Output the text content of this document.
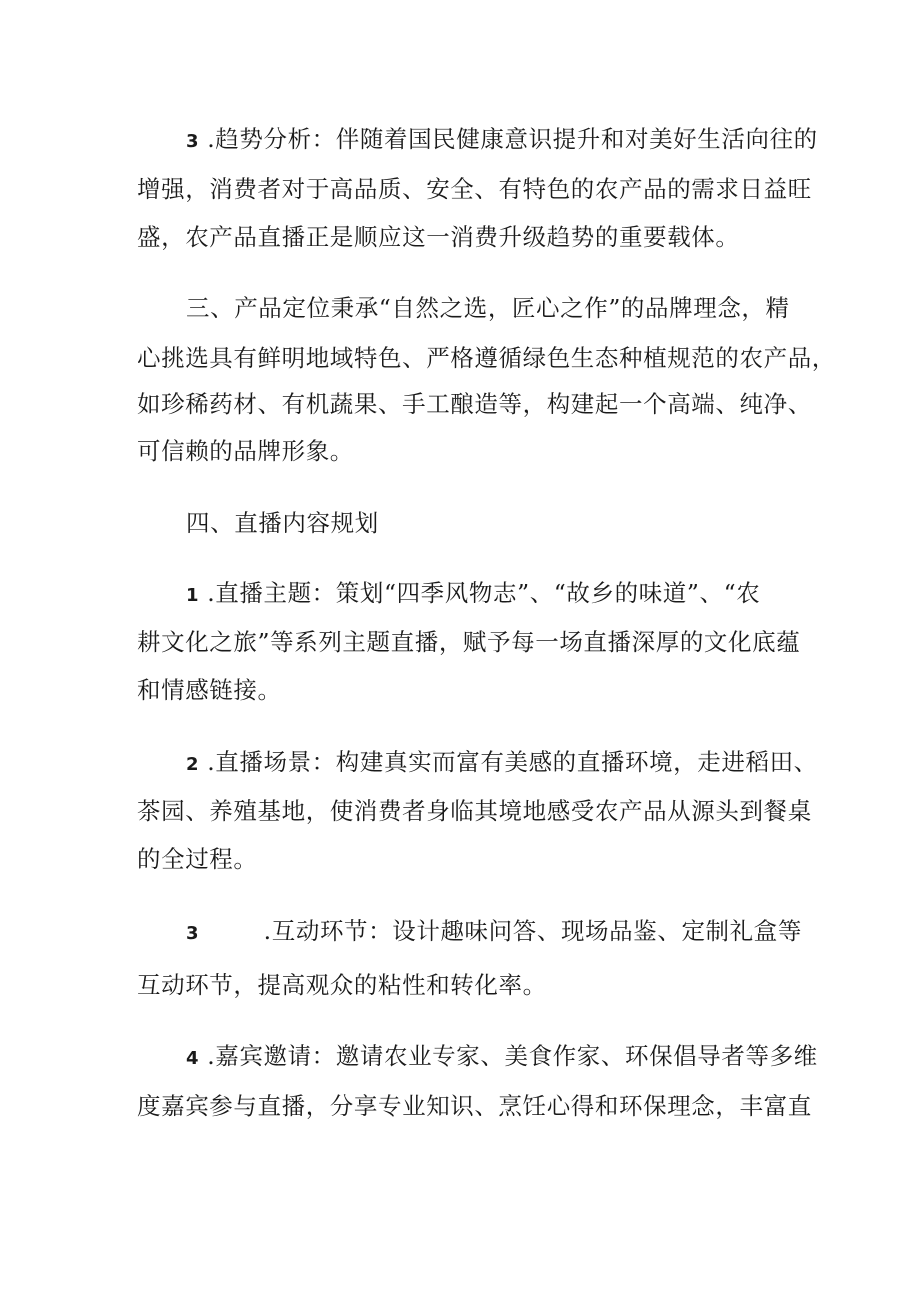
3 .趋势分析：伴随着国民健康意识提升和对美好生活向往的
增强，消费者对于高品质、安全、有特色的农产品的需求日益旺
盛，农产品直播正是顺应这一消费升级趋势的重要载体。
三、产品定位秉承“自然之选，匠心之作”的品牌理念，精
心挑选具有鲜明地域特色、严格遵循绿色生态种植规范的农产品，
如珍稀药材、有机蔬果、手工酿造等，构建起一个高端、纯净、
可信赖的品牌形象。
四、直播内容规划
1 .直播主题：策划“四季风物志”、“故乡的味道”、“农
耕文化之旅”等系列主题直播，赋予每一场直播深厚的文化底蕴
和情感链接。
2 .直播场景：构建真实而富有美感的直播环境，走进稻田、
茶园、养殖基地，使消费者身临其境地感受农产品从源头到餐桌
的全过程。
3        .互动环节：设计趣味问答、现场品鉴、定制礼盒等
互动环节，提高观众的粘性和转化率。
4 .嘉宾邀请：邀请农业专家、美食作家、环保倡导者等多维
度嘉宾参与直播，分享专业知识、烹饪心得和环保理念，丰富直
